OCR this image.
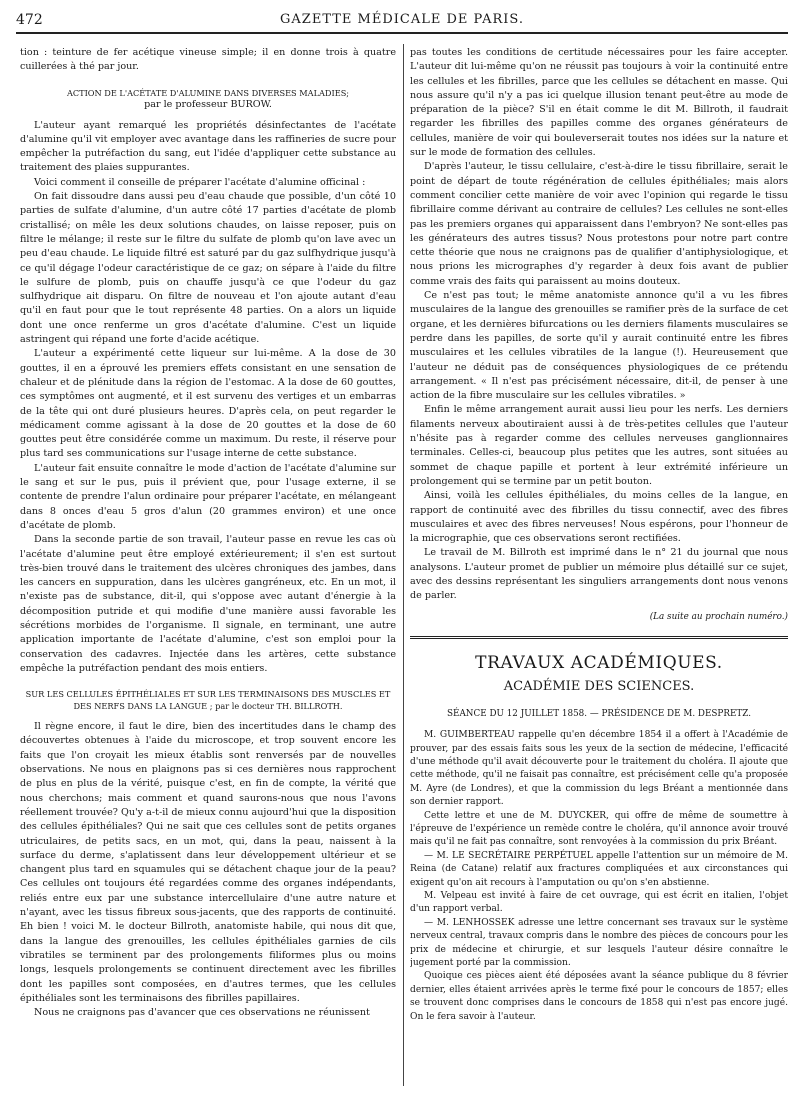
472	GAZETTE MÉDICALE DE PARIS.

tion : teinture de fer acétique vineuse simple; il en donne trois à quatre cuillerées à thé par jour.

ACTION DE L'ACÉTATE D'ALUMINE DANS DIVERSES MALADIES;
par le professeur BUROW.

L'auteur ayant remarqué les propriétés désinfectantes de l'acétate d'alumine qu'il vit employer avec avantage dans les raffineries de sucre pour empêcher la putréfaction du sang, eut l'idée d'appliquer cette substance au traitement des plaies suppurantes.

Voici comment il conseille de préparer l'acétate d'alumine officinal :

On fait dissoudre dans aussi peu d'eau chaude que possible, d'un côté 10 parties de sulfate d'alumine, d'un autre côté 17 parties d'acétate de plomb cristallisé; on mêle les deux solutions chaudes, on laisse reposer, puis on filtre le mélange; il reste sur le filtre du sulfate de plomb qu'on lave avec un peu d'eau chaude. Le liquide filtré est saturé par du gaz sulfhydrique jusqu'à ce qu'il dégage l'odeur caractéristique de ce gaz; on sépare à l'aide du filtre le sulfure de plomb, puis on chauffe jusqu'à ce que l'odeur du gaz sulfhydrique ait disparu. On filtre de nouveau et l'on ajoute autant d'eau qu'il en faut pour que le tout représente 48 parties. On a alors un liquide dont une once renferme un gros d'acétate d'alumine. C'est un liquide astringent qui répand une forte d'acide acétique.

L'auteur a expérimenté cette liqueur sur lui-même. A la dose de 30 gouttes, il en a éprouvé les premiers effets consistant en une sensation de chaleur et de plénitude dans la région de l'estomac. A la dose de 60 gouttes, ces symptômes ont augmenté, et il est survenu des vertiges et un embarras de la tête qui ont duré plusieurs heures. D'après cela, on peut regarder le médicament comme agissant à la dose de 20 gouttes et la dose de 60 gouttes peut être considérée comme un maximum. Du reste, il réserve pour plus tard ses communications sur l'usage interne de cette substance.

L'auteur fait ensuite connaître le mode d'action de l'acétate d'alumine sur le sang et sur le pus, puis il prévient que, pour l'usage externe, il se contente de prendre l'alun ordinaire pour préparer l'acétate, en mélangeant dans 8 onces d'eau 5 gros d'alun (20 grammes environ) et une once d'acétate de plomb.

Dans la seconde partie de son travail, l'auteur passe en revue les cas où l'acétate d'alumine peut être employé extérieurement; il s'en est surtout très-bien trouvé dans le traitement des ulcères chroniques des jambes, dans les cancers en suppuration, dans les ulcères gangréneux, etc. En un mot, il n'existe pas de substance, dit-il, qui s'oppose avec autant d'énergie à la décomposition putride et qui modifie d'une manière aussi favorable les sécrétions morbides de l'organisme. Il signale, en terminant, une autre application importante de l'acétate d'alumine, c'est son emploi pour la conservation des cadavres. Injectée dans les artères, cette substance empêche la putréfaction pendant des mois entiers.

SUR LES CELLULES ÉPITHÉLIALES ET SUR LES TERMINAISONS DES MUSCLES ET DES NERFS DANS LA LANGUE ; par le docteur TH. BILLROTH.

Il règne encore, il faut le dire, bien des incertitudes dans le champ des découvertes obtenues à l'aide du microscope, et trop souvent encore les faits que l'on croyait les mieux établis sont renversés par de nouvelles observations. Ne nous en plaignons pas si ces dernières nous rapprochent de plus en plus de la vérité, puisque c'est, en fin de compte, la vérité que nous cherchons; mais comment et quand saurons-nous que nous l'avons réellement trouvée? Qu'y a-t-il de mieux connu aujourd'hui que la disposition des cellules épithéliales? Qui ne sait que ces cellules sont de petits organes utriculaires, de petits sacs, en un mot, qui, dans la peau, naissent à la surface du derme, s'aplatissent dans leur développement ultérieur et se changent plus tard en squamules qui se détachent chaque jour de la peau? Ces cellules ont toujours été regardées comme des organes indépendants, reliés entre eux par une substance intercellulaire d'une autre nature et n'ayant, avec les tissus fibreux sous-jacents, que des rapports de continuité. Eh bien ! voici M. le docteur Billroth, anatomiste habile, qui nous dit que, dans la langue des grenouilles, les cellules épithéliales garnies de cils vibratiles se terminent par des prolongements filiformes plus ou moins longs, lesquels prolongements se continuent directement avec les fibrilles dont les papilles sont composées, en d'autres termes, que les cellules épithéliales sont les terminaisons des fibrilles papillaires.

Nous ne craignons pas d'avancer que ces observations ne réunissent

pas toutes les conditions de certitude nécessaires pour les faire accepter. L'auteur dit lui-même qu'on ne réussit pas toujours à voir la continuité entre les cellules et les fibrilles, parce que les cellules se détachent en masse. Qui nous assure qu'il n'y a pas ici quelque illusion tenant peut-être au mode de préparation de la pièce? S'il en était comme le dit M. Billroth, il faudrait regarder les fibrilles des papilles comme des organes générateurs de cellules, manière de voir qui bouleverserait toutes nos idées sur la nature et sur le mode de formation des cellules.

D'après l'auteur, le tissu cellulaire, c'est-à-dire le tissu fibrillaire, serait le point de départ de toute régénération de cellules épithéliales; mais alors comment concilier cette manière de voir avec l'opinion qui regarde le tissu fibrillaire comme dérivant au contraire de cellules? Les cellules ne sont-elles pas les premiers organes qui apparaissent dans l'embryon? Ne sont-elles pas les générateurs des autres tissus? Nous protestons pour notre part contre cette théorie que nous ne craignons pas de qualifier d'antiphysiologique, et nous prions les micrographes d'y regarder à deux fois avant de publier comme vrais des faits qui paraissent au moins douteux.

Ce n'est pas tout; le même anatomiste annonce qu'il a vu les fibres musculaires de la langue des grenouilles se ramifier près de la surface de cet organe, et les dernières bifurcations ou les derniers filaments musculaires se perdre dans les papilles, de sorte qu'il y aurait continuité entre les fibres musculaires et les cellules vibratiles de la langue (!). Heureusement que l'auteur ne déduit pas de conséquences physiologiques de ce prétendu arrangement. « Il n'est pas précisément nécessaire, dit-il, de penser à une action de la fibre musculaire sur les cellules vibratiles. »

Enfin le même arrangement aurait aussi lieu pour les nerfs. Les derniers filaments nerveux aboutiraient aussi à de très-petites cellules que l'auteur n'hésite pas à regarder comme des cellules nerveuses ganglionnaires terminales. Celles-ci, beaucoup plus petites que les autres, sont situées au sommet de chaque papille et portent à leur extrémité inférieure un prolongement qui se termine par un petit bouton.

Ainsi, voilà les cellules épithéliales, du moins celles de la langue, en rapport de continuité avec des fibrilles du tissu connectif, avec des fibres musculaires et avec des fibres nerveuses! Nous espérons, pour l'honneur de la micrographie, que ces observations seront rectifiées.

Le travail de M. Billroth est imprimé dans le n° 21 du journal que nous analysons. L'auteur promet de publier un mémoire plus détaillé sur ce sujet, avec des dessins représentant les singuliers arrangements dont nous venons de parler.

(La suite au prochain numéro.)

TRAVAUX ACADÉMIQUES.

ACADÉMIE DES SCIENCES.

SÉANCE DU 12 JUILLET 1858. — PRÉSIDENCE DE M. DESPRETZ.

M. GUIMBERTEAU rappelle qu'en décembre 1854 il a offert à l'Académie de prouver, par des essais faits sous les yeux de la section de médecine, l'efficacité d'une méthode qu'il avait découverte pour le traitement du choléra. Il ajoute que cette méthode, qu'il ne faisait pas connaître, est précisément celle qu'a proposée M. Ayre (de Londres), et que la commission du legs Bréant a mentionnée dans son dernier rapport.

Cette lettre et une de M. DUYCKER, qui offre de même de soumettre à l'épreuve de l'expérience un remède contre le choléra, qu'il annonce avoir trouvé mais qu'il ne fait pas connaître, sont renvoyées à la commission du prix Bréant.

— M. LE SECRÉTAIRE PERPÉTUEL appelle l'attention sur un mémoire de M. Reina (de Catane) relatif aux fractures compliquées et aux circonstances qui exigent qu'on ait recours à l'amputation ou qu'on s'en abstienne.

M. Velpeau est invité à faire de cet ouvrage, qui est écrit en italien, l'objet d'un rapport verbal.

— M. LENHOSSEK adresse une lettre concernant ses travaux sur le système nerveux central, travaux compris dans le nombre des pièces de concours pour les prix de médecine et chirurgie, et sur lesquels l'auteur désire connaître le jugement porté par la commission.

Quoique ces pièces aient été déposées avant la séance publique du 8 février dernier, elles étaient arrivées après le terme fixé pour le concours de 1857; elles se trouvent donc comprises dans le concours de 1858 qui n'est pas encore jugé. On le fera savoir à l'auteur.
